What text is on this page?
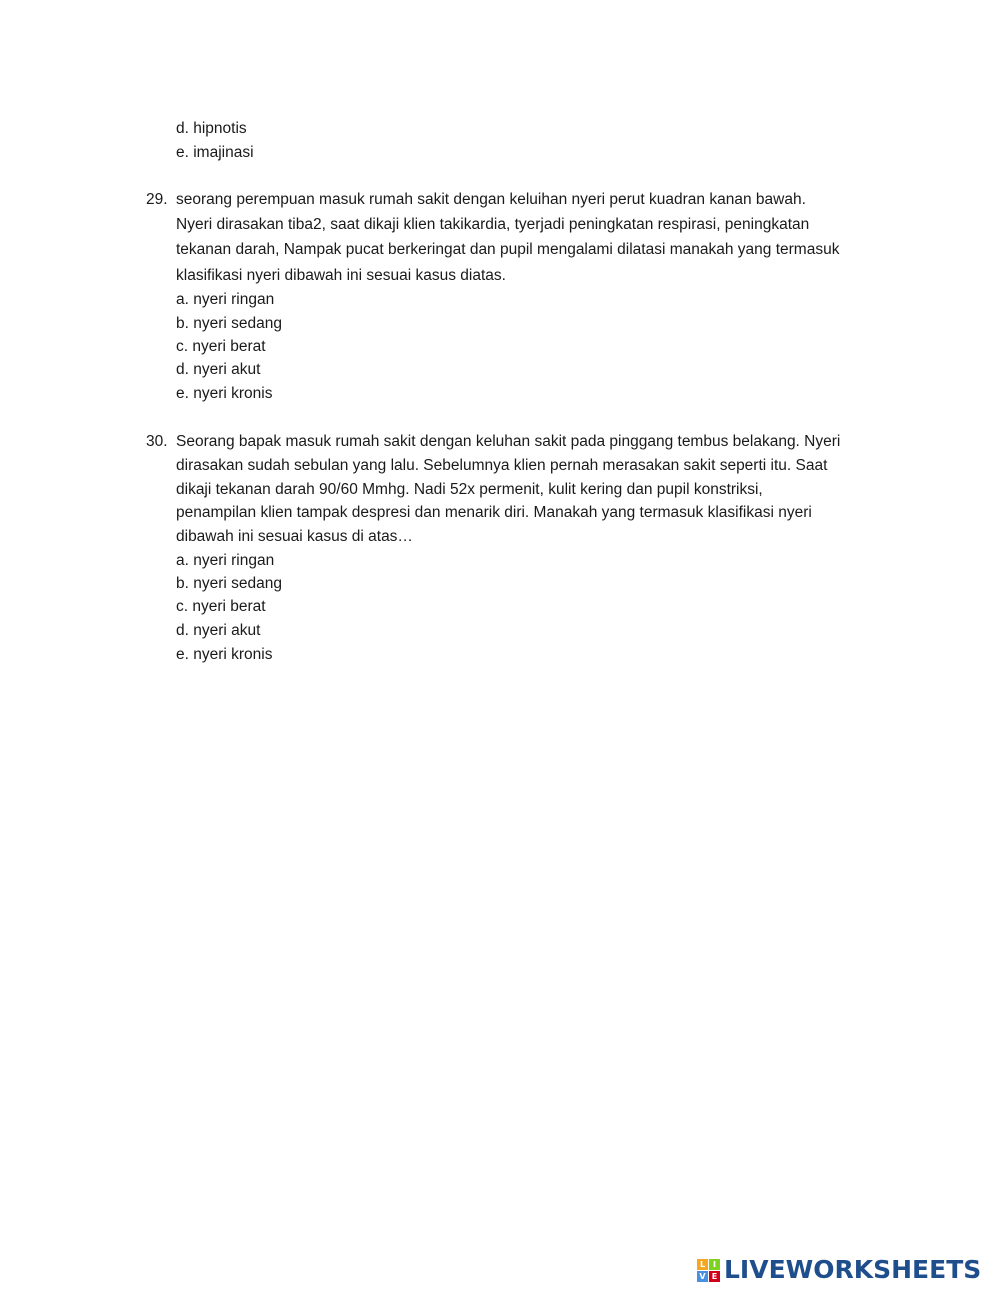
d. hipnotis
e. imajinasi
29. seorang perempuan masuk rumah sakit dengan keluihan nyeri perut kuadran kanan bawah.
Nyeri dirasakan tiba2, saat dikaji klien takikardia, tyerjadi peningkatan respirasi, peningkatan
tekanan darah, Nampak pucat berkeringat dan pupil mengalami dilatasi manakah yang termasuk
klasifikasi nyeri dibawah ini sesuai kasus diatas.
a. nyeri ringan
b. nyeri sedang
c. nyeri berat
d. nyeri akut
e. nyeri kronis
30. Seorang bapak masuk rumah sakit dengan keluhan sakit pada pinggang tembus belakang. Nyeri
dirasakan sudah sebulan yang lalu. Sebelumnya klien pernah merasakan sakit seperti itu. Saat
dikaji tekanan darah 90/60 Mmhg. Nadi 52x permenit, kulit kering dan pupil konstriksi,
penampilan klien tampak despresi dan menarik diri. Manakah yang termasuk klasifikasi nyeri
dibawah ini sesuai kasus di atas…
a. nyeri ringan
b. nyeri sedang
c. nyeri berat
d. nyeri akut
e. nyeri kronis
L I
V E LIVEWORKSHEETS
